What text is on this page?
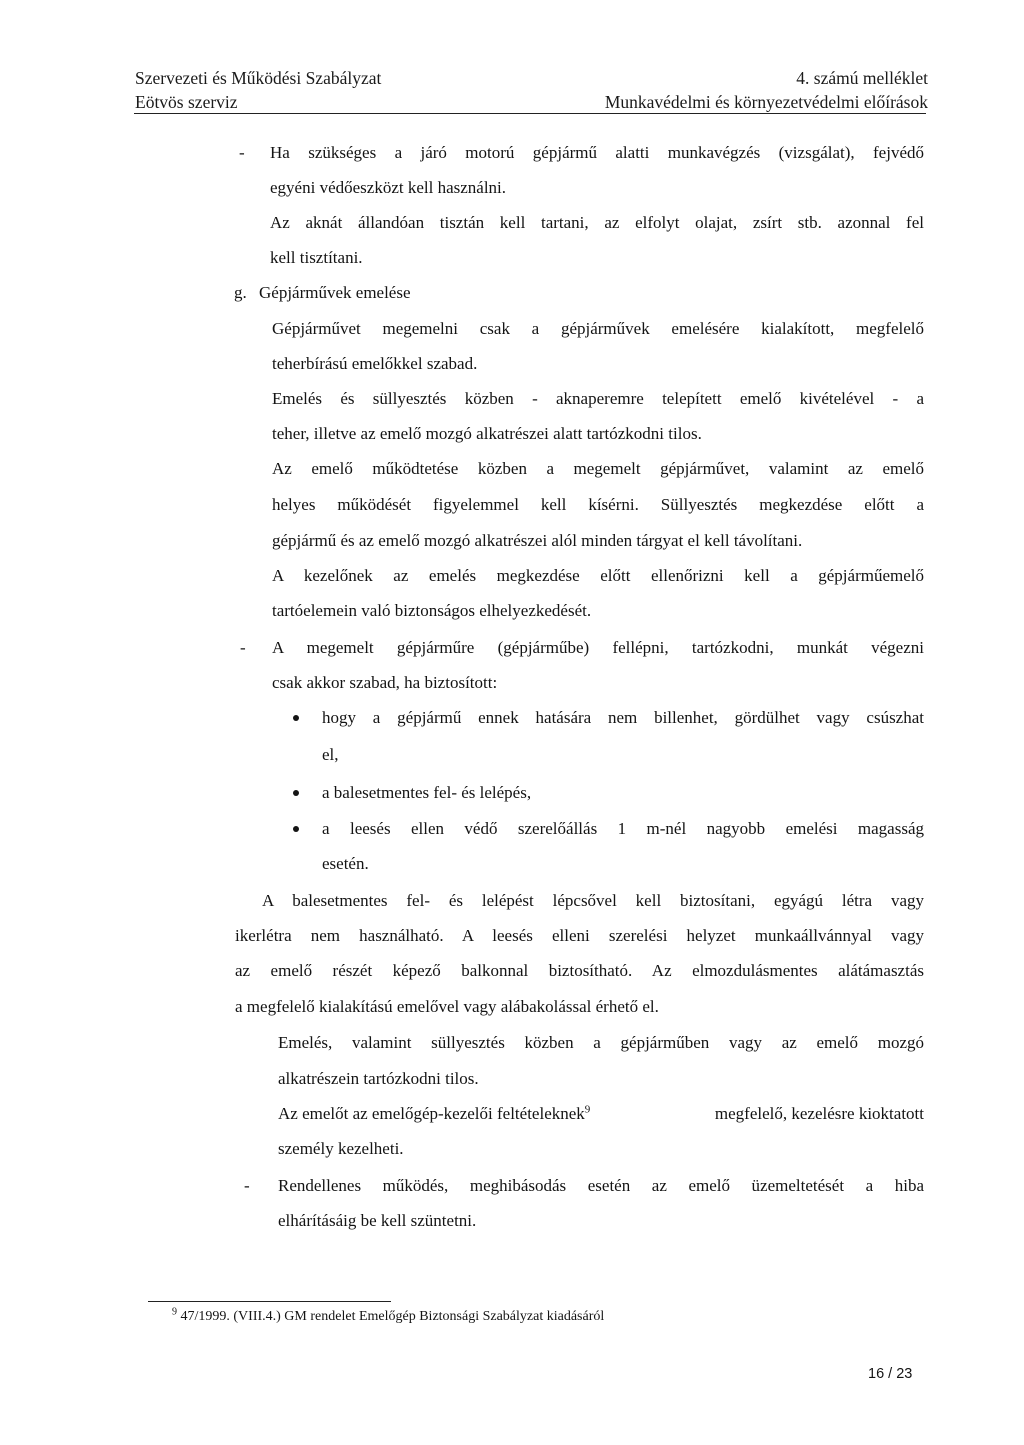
Szervezeti és Működési Szabályzat
Eötvös szerviz
4. számú melléklet
Munkavédelmi és környezetvédelmi előírások
- Ha szükséges a járó motorú gépjármű alatti munkavégzés (vizsgálat), fejvédő
egyéni védőeszközt kell használni.
Az aknát állandóan tisztán kell tartani, az elfolyt olajat, zsírt stb. azonnal fel
kell tisztítani.
g. Gépjárművek emelése
Gépjárművet megemelni csak a gépjárművek emelésére kialakított, megfelelő
teherbírású emelőkkel szabad.
Emelés és süllyesztés közben - aknaperemre telepített emelő kivételével - a
teher, illetve az emelő mozgó alkatrészei alatt tartózkodni tilos.
Az emelő működtetése közben a megemelt gépjárművet, valamint az emelő
helyes működését figyelemmel kell kísérni. Süllyesztés megkezdése előtt a
gépjármű és az emelő mozgó alkatrészei alól minden tárgyat el kell távolítani.
A kezelőnek az emelés megkezdése előtt ellenőrizni kell a gépjárműemelő
tartóelemein való biztonságos elhelyezkedését.
- A megemelt gépjárműre (gépjárműbe) fellépni, tartózkodni, munkát végezni
csak akkor szabad, ha biztosított:
hogy a gépjármű ennek hatására nem billenhet, gördülhet vagy csúszhat
el,
a balesetmentes fel- és lelépés,
a leesés ellen védő szerelőállás 1 m-nél nagyobb emelési magasság
esetén.
A balesetmentes fel- és lelépést lépcsővel kell biztosítani, egyágú létra vagy
ikerlétra nem használható. A leesés elleni szerelési helyzet munkaállvánnyal vagy
az emelő részét képező balkonnal biztosítható. Az elmozdulásmentes alátámasztás
a megfelelő kialakítású emelővel vagy alábakolással érhető el.
Emelés, valamint süllyesztés közben a gépjárműben vagy az emelő mozgó
alkatrészein tartózkodni tilos.
Az emelőt az emelőgép-kezelői feltételeknek$^9$	megfelelő, kezelésre kioktatott
személy kezelheti.
- Rendellenes működés, meghibásodás esetén az emelő üzemeltetését a hiba
elhárításáig be kell szüntetni.
$^9$ 47/1999. (VIII.4.) GM rendelet Emelőgép Biztonsági Szabályzat kiadásáról
16 / 23
